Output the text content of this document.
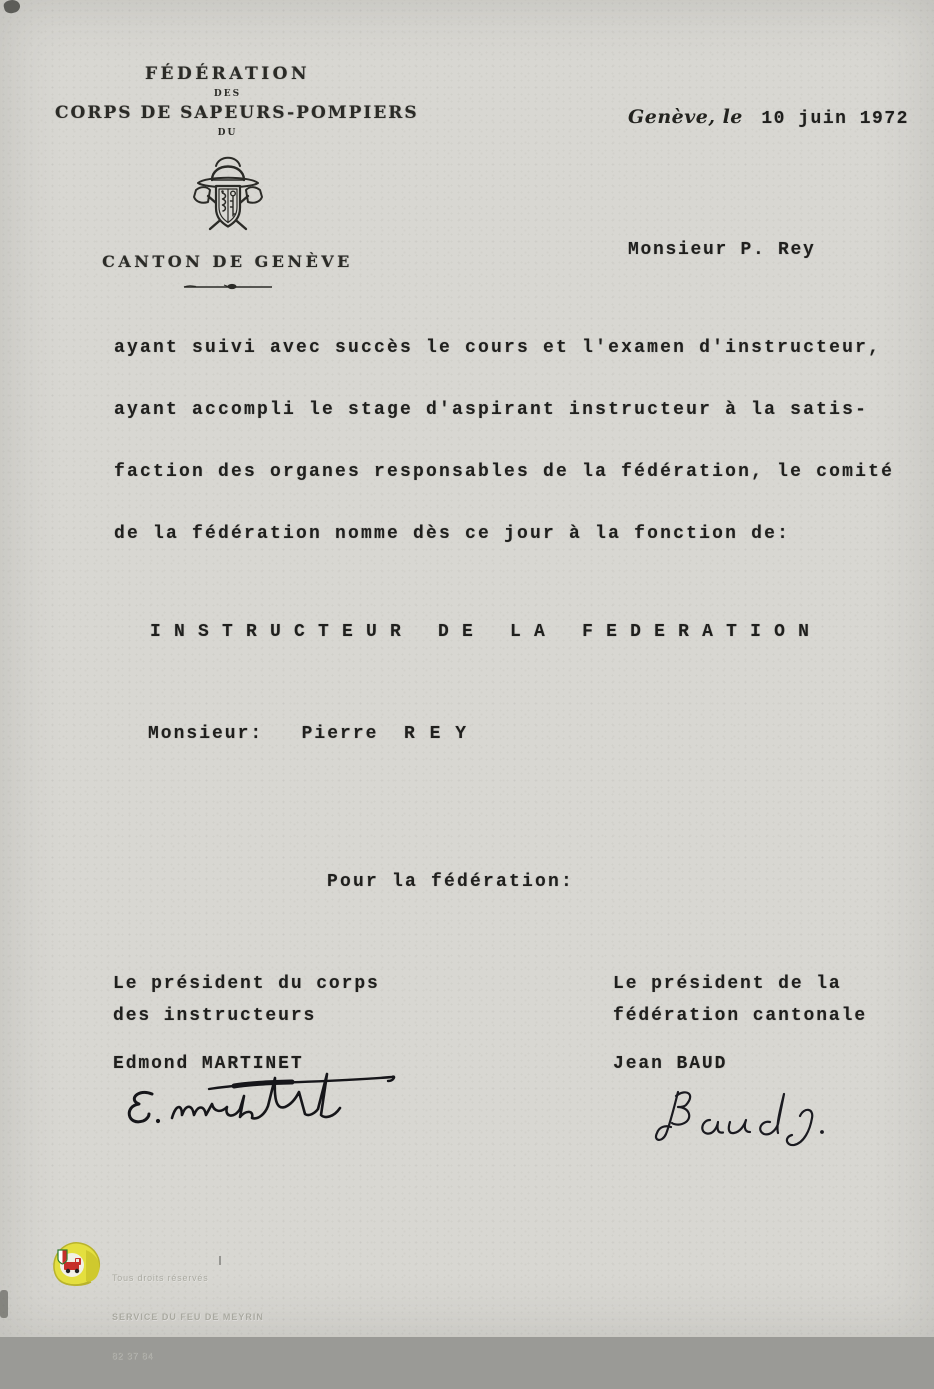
FÉDÉRATION
DES
CORPS DE SAPEURS-POMPIERS
DU
CANTON DE GENÈVE
Genève, le 10 juin 1972
Monsieur P. Rey

ayant suivi avec succès le cours et l'examen d'instructeur,

ayant accompli le stage d'aspirant instructeur à la satis-

faction des organes responsables de la fédération, le comité

de la fédération nomme dès ce jour à la fonction de:

I N S T R U C T E U R   D E   L A   F E D E R A T I O N
Monsieur:   Pierre  R E Y
Pour la fédération:
Le président du corps
des instructeurs
Edmond MARTINET
Le président de la
fédération cantonale
Jean BAUD

Tous droits réservés

SERVICE DU FEU DE MEYRIN

82 37 84
